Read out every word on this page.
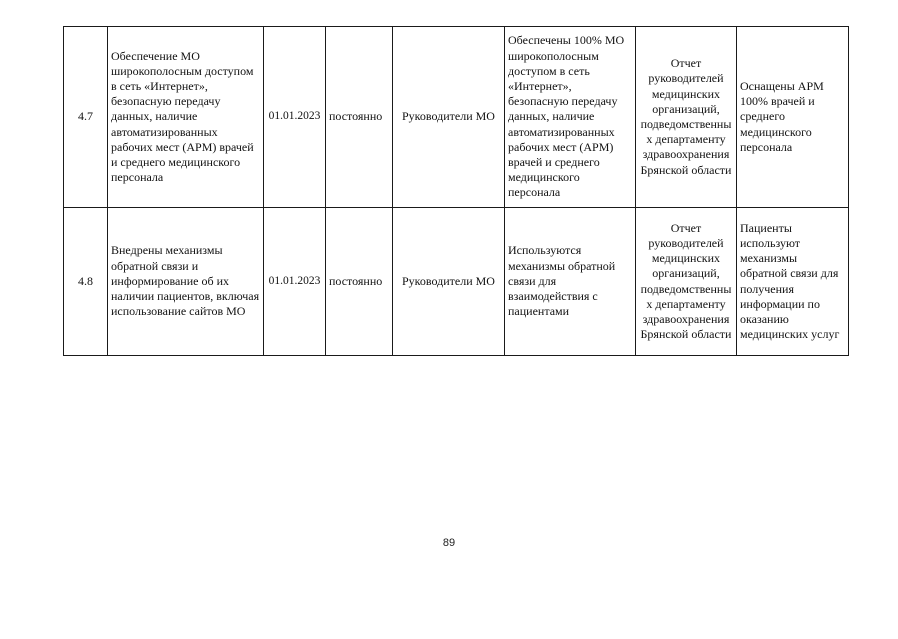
4.7	Обеспечение МО широкополосным доступом в сеть «Интернет», безопасную передачу данных, наличие автоматизированных рабочих мест (АРМ) врачей и среднего медицинского персонала	01.01.2023	постоянно	Руководители МО	Обеспечены 100% МО широкополосным доступом в сеть «Интернет», безопасную передачу данных, наличие автоматизированных рабочих мест (АРМ) врачей и среднего медицинского персонала	Отчет руководителей медицинских организаций, подведомственных департаменту здравоохранения Брянской области	Оснащены АРМ 100% врачей и среднего медицинского персонала
4.8	Внедрены механизмы обратной связи и информирование об их наличии пациентов, включая использование сайтов МО	01.01.2023	постоянно	Руководители МО	Используются механизмы обратной связи для взаимодействия с пациентами	Отчет руководителей медицинских организаций, подведомственных департаменту здравоохранения Брянской области	Пациенты используют механизмы обратной связи для получения информации по оказанию медицинских услуг
89
